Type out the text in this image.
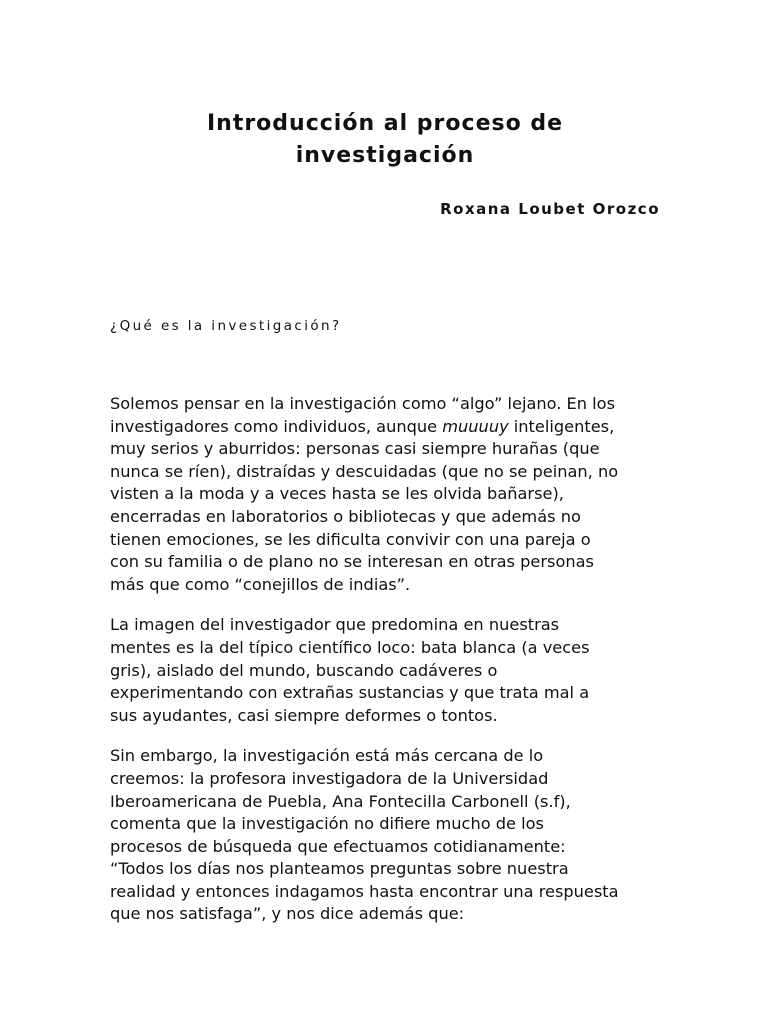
Introducción al proceso de
investigación

Roxana Loubet Orozco

¿Qué es la investigación?

Solemos pensar en la investigación como “algo” lejano. En los
investigadores como individuos, aunque muuuuy inteligentes,
muy serios y aburridos: personas casi siempre hurañas (que
nunca se ríen), distraídas y descuidadas (que no se peinan, no
visten a la moda y a veces hasta se les olvida bañarse),
encerradas en laboratorios o bibliotecas y que además no
tienen emociones, se les dificulta convivir con una pareja o
con su familia o de plano no se interesan en otras personas
más que como “conejillos de indias”.

La imagen del investigador que predomina en nuestras
mentes es la del típico científico loco: bata blanca (a veces
gris), aislado del mundo, buscando cadáveres o
experimentando con extrañas sustancias y que trata mal a
sus ayudantes, casi siempre deformes o tontos.

Sin embargo, la investigación está más cercana de lo
creemos: la profesora investigadora de la Universidad
Iberoamericana de Puebla, Ana Fontecilla Carbonell (s.f),
comenta que la investigación no difiere mucho de los
procesos de búsqueda que efectuamos cotidianamente:
“Todos los días nos planteamos preguntas sobre nuestra
realidad y entonces indagamos hasta encontrar una respuesta
que nos satisfaga”, y nos dice además que:
